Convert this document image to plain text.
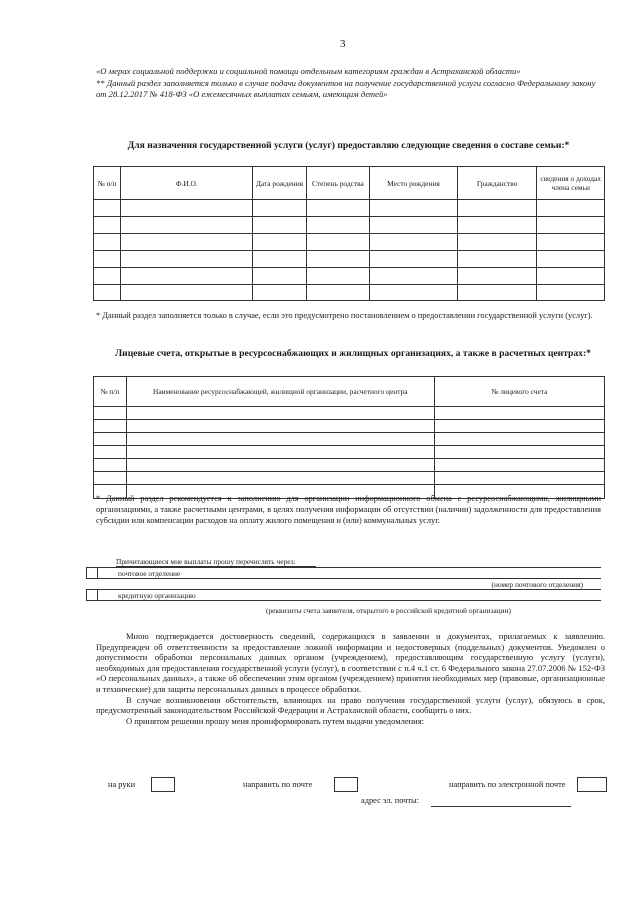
3
«О мерах социальной поддержки и социальной помощи отдельным категориям граждан в Астраханской области»
** Данный раздел заполняется только в случае подачи документов на получение государственной услуги согласно Федеральному закону от 28.12.2017 № 418-ФЗ «О ежемесячных выплатах семьям, имеющим детей»
Для назначения государственной услуги (услуг) предоставляю следующие сведения о составе семьи:*
№ п/п	Ф.И.О.	Дата рождения	Степень родства	Место рождения	Гражданство	сведения о доходах члена семьи

* Данный раздел заполняется только в случае, если это предусмотрено постановлением о предоставлении государственной услуги (услуг).
Лицевые счета, открытые в ресурсоснабжающих и жилищных организациях, а также в расчетных центрах:*
№ п/п	Наименование ресурсоснабжающей, жилищной организации, расчетного центра	№ лицевого счета

* Данный раздел рекомендуется к заполнению для организации информационного обмена с ресурсоснабжающими, жилищными организациями, а также расчетными центрами, в целях получения информации об отсутствии (наличии) задолженности для предоставления субсидии или компенсации расходов на оплату жилого помещения и (или) коммунальных услуг.
Причитающиеся мне выплаты прошу перечислять через:
	почтовое отделение
	(номер почтового отделения)
	кредитную организацию
(реквизиты счета заявителя, открытого в российской кредитной организации)

Мною подтверждается достоверность сведений, содержащихся в заявлении и документах, прилагаемых к заявлению. Предупрежден об ответственности за предоставление ложной информации и недостоверных (поддельных) документов. Уведомлен о допустимости обработки персональных данных органом (учреждением), предоставляющим государственную услугу (услуги), необходимых для предоставления государственной услуги (услуг), в соответствии с п.4 ч.1 ст. 6 Федерального закона 27.07.2006 № 152-ФЗ «О персональных данных», а также об обеспечении этим органом (учреждением) принятия необходимых мер (правовые, организационные и технические) для защиты персональных данных в процессе обработки.

В случае возникновения обстоятельств, влияющих на право получения государственной услуги (услуг), обязуюсь в срок, предусмотренный законодательством Российской Федерации и Астраханской области, сообщить о них.

О принятом решении прошу меня проинформировать путем выдачи уведомления:

на руки	направить по почте	направить по электронной почте
адрес эл. почты:
